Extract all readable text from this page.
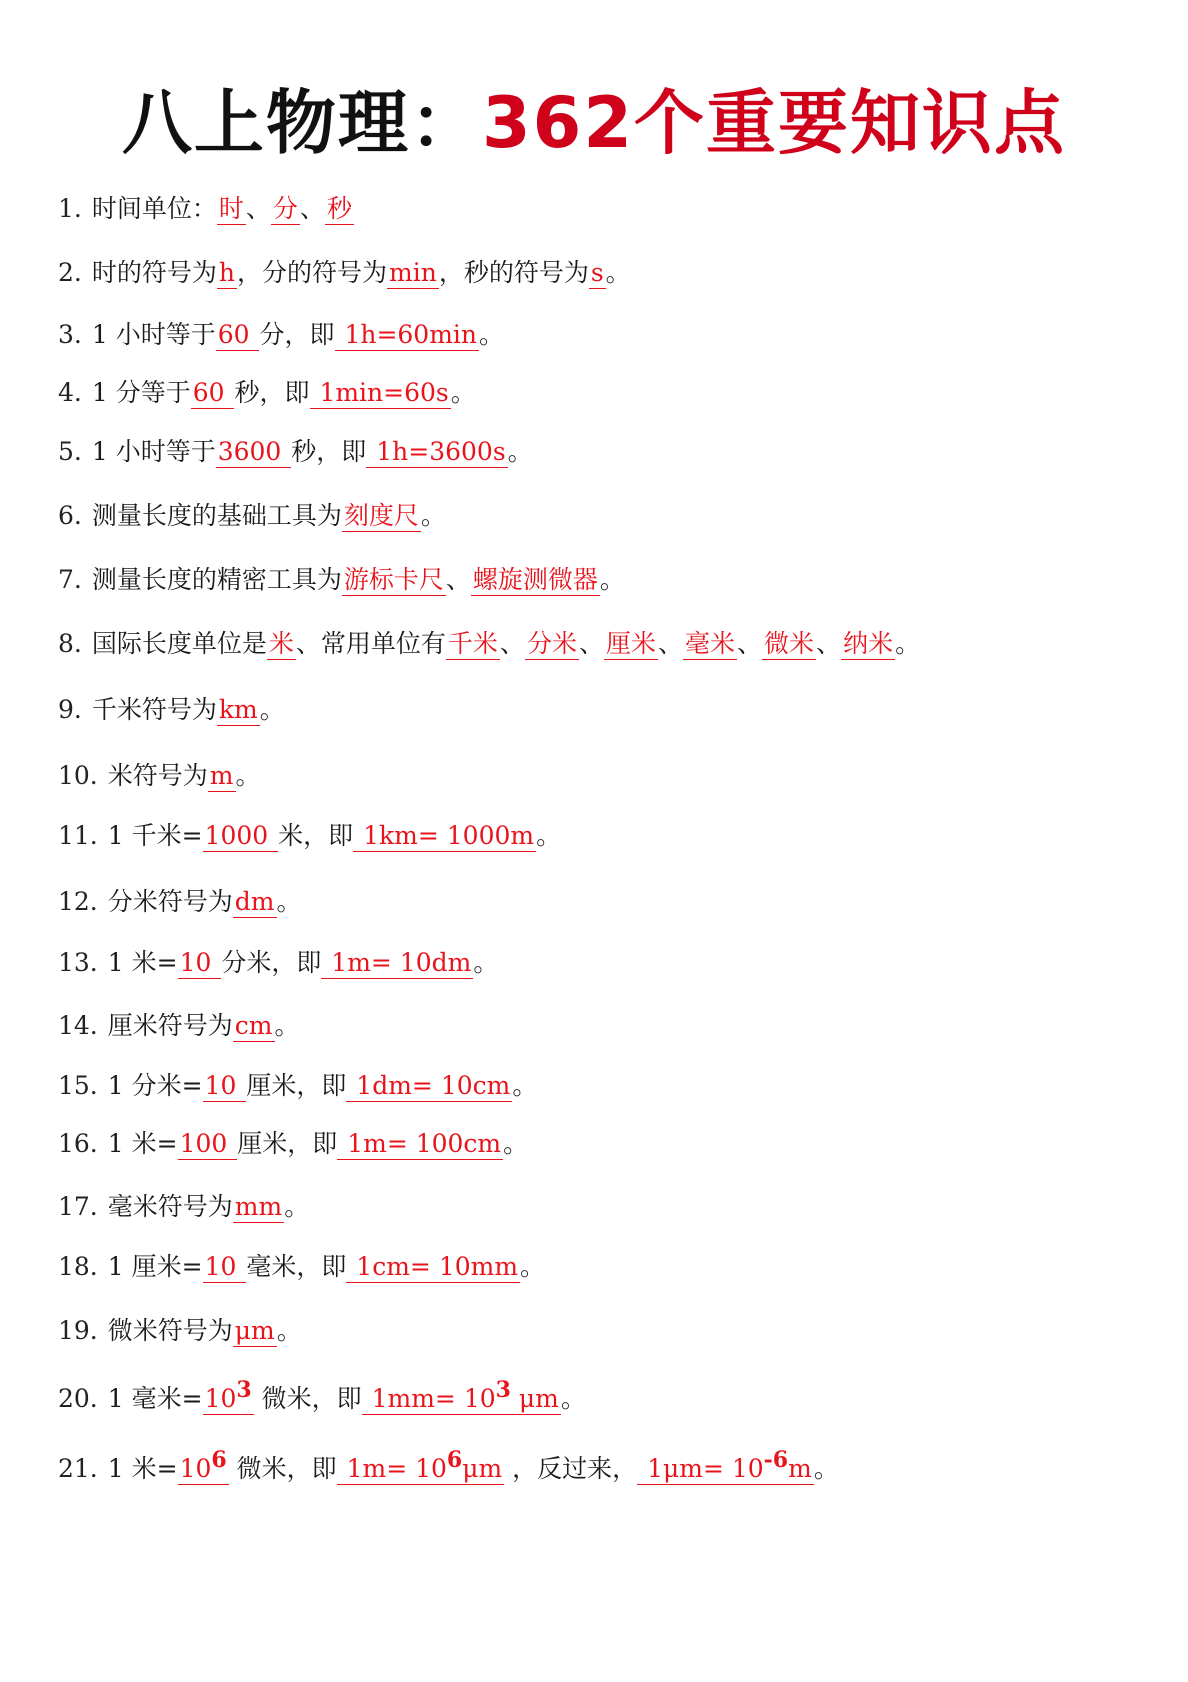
八上物理：362个重要知识点
1. 时间单位：时、分、秒
2. 时的符号为h，分的符号为min，秒的符号为s。
3. 1 小时等于60 分，即 1h=60min。
4. 1 分等于60 秒，即 1min=60s。
5. 1 小时等于3600 秒，即 1h=3600s。
6. 测量长度的基础工具为刻度尺。
7. 测量长度的精密工具为游标卡尺、螺旋测微器。
8. 国际长度单位是米、常用单位有千米、分米、厘米、毫米、微米、纳米。
9. 千米符号为km。
10. 米符号为m。
11. 1 千米=1000 米，即 1km= 1000m。
12. 分米符号为dm。
13. 1 米=10 分米，即 1m= 10dm。
14. 厘米符号为cm。
15. 1 分米=10 厘米，即 1dm= 10cm。
16. 1 米=100 厘米，即 1m= 100cm。
17. 毫米符号为mm。
18. 1 厘米=10 毫米，即 1cm= 10mm。
19. 微米符号为μm。
20. 1 毫米$=10^3$ 微米，即 $1mm= 10^3$ μm。
21. 1 米$=10^6$ 微米，即 $1m= 10^6\mu m$ ，反过来， $1\mu m= 10^{-6}m$。
